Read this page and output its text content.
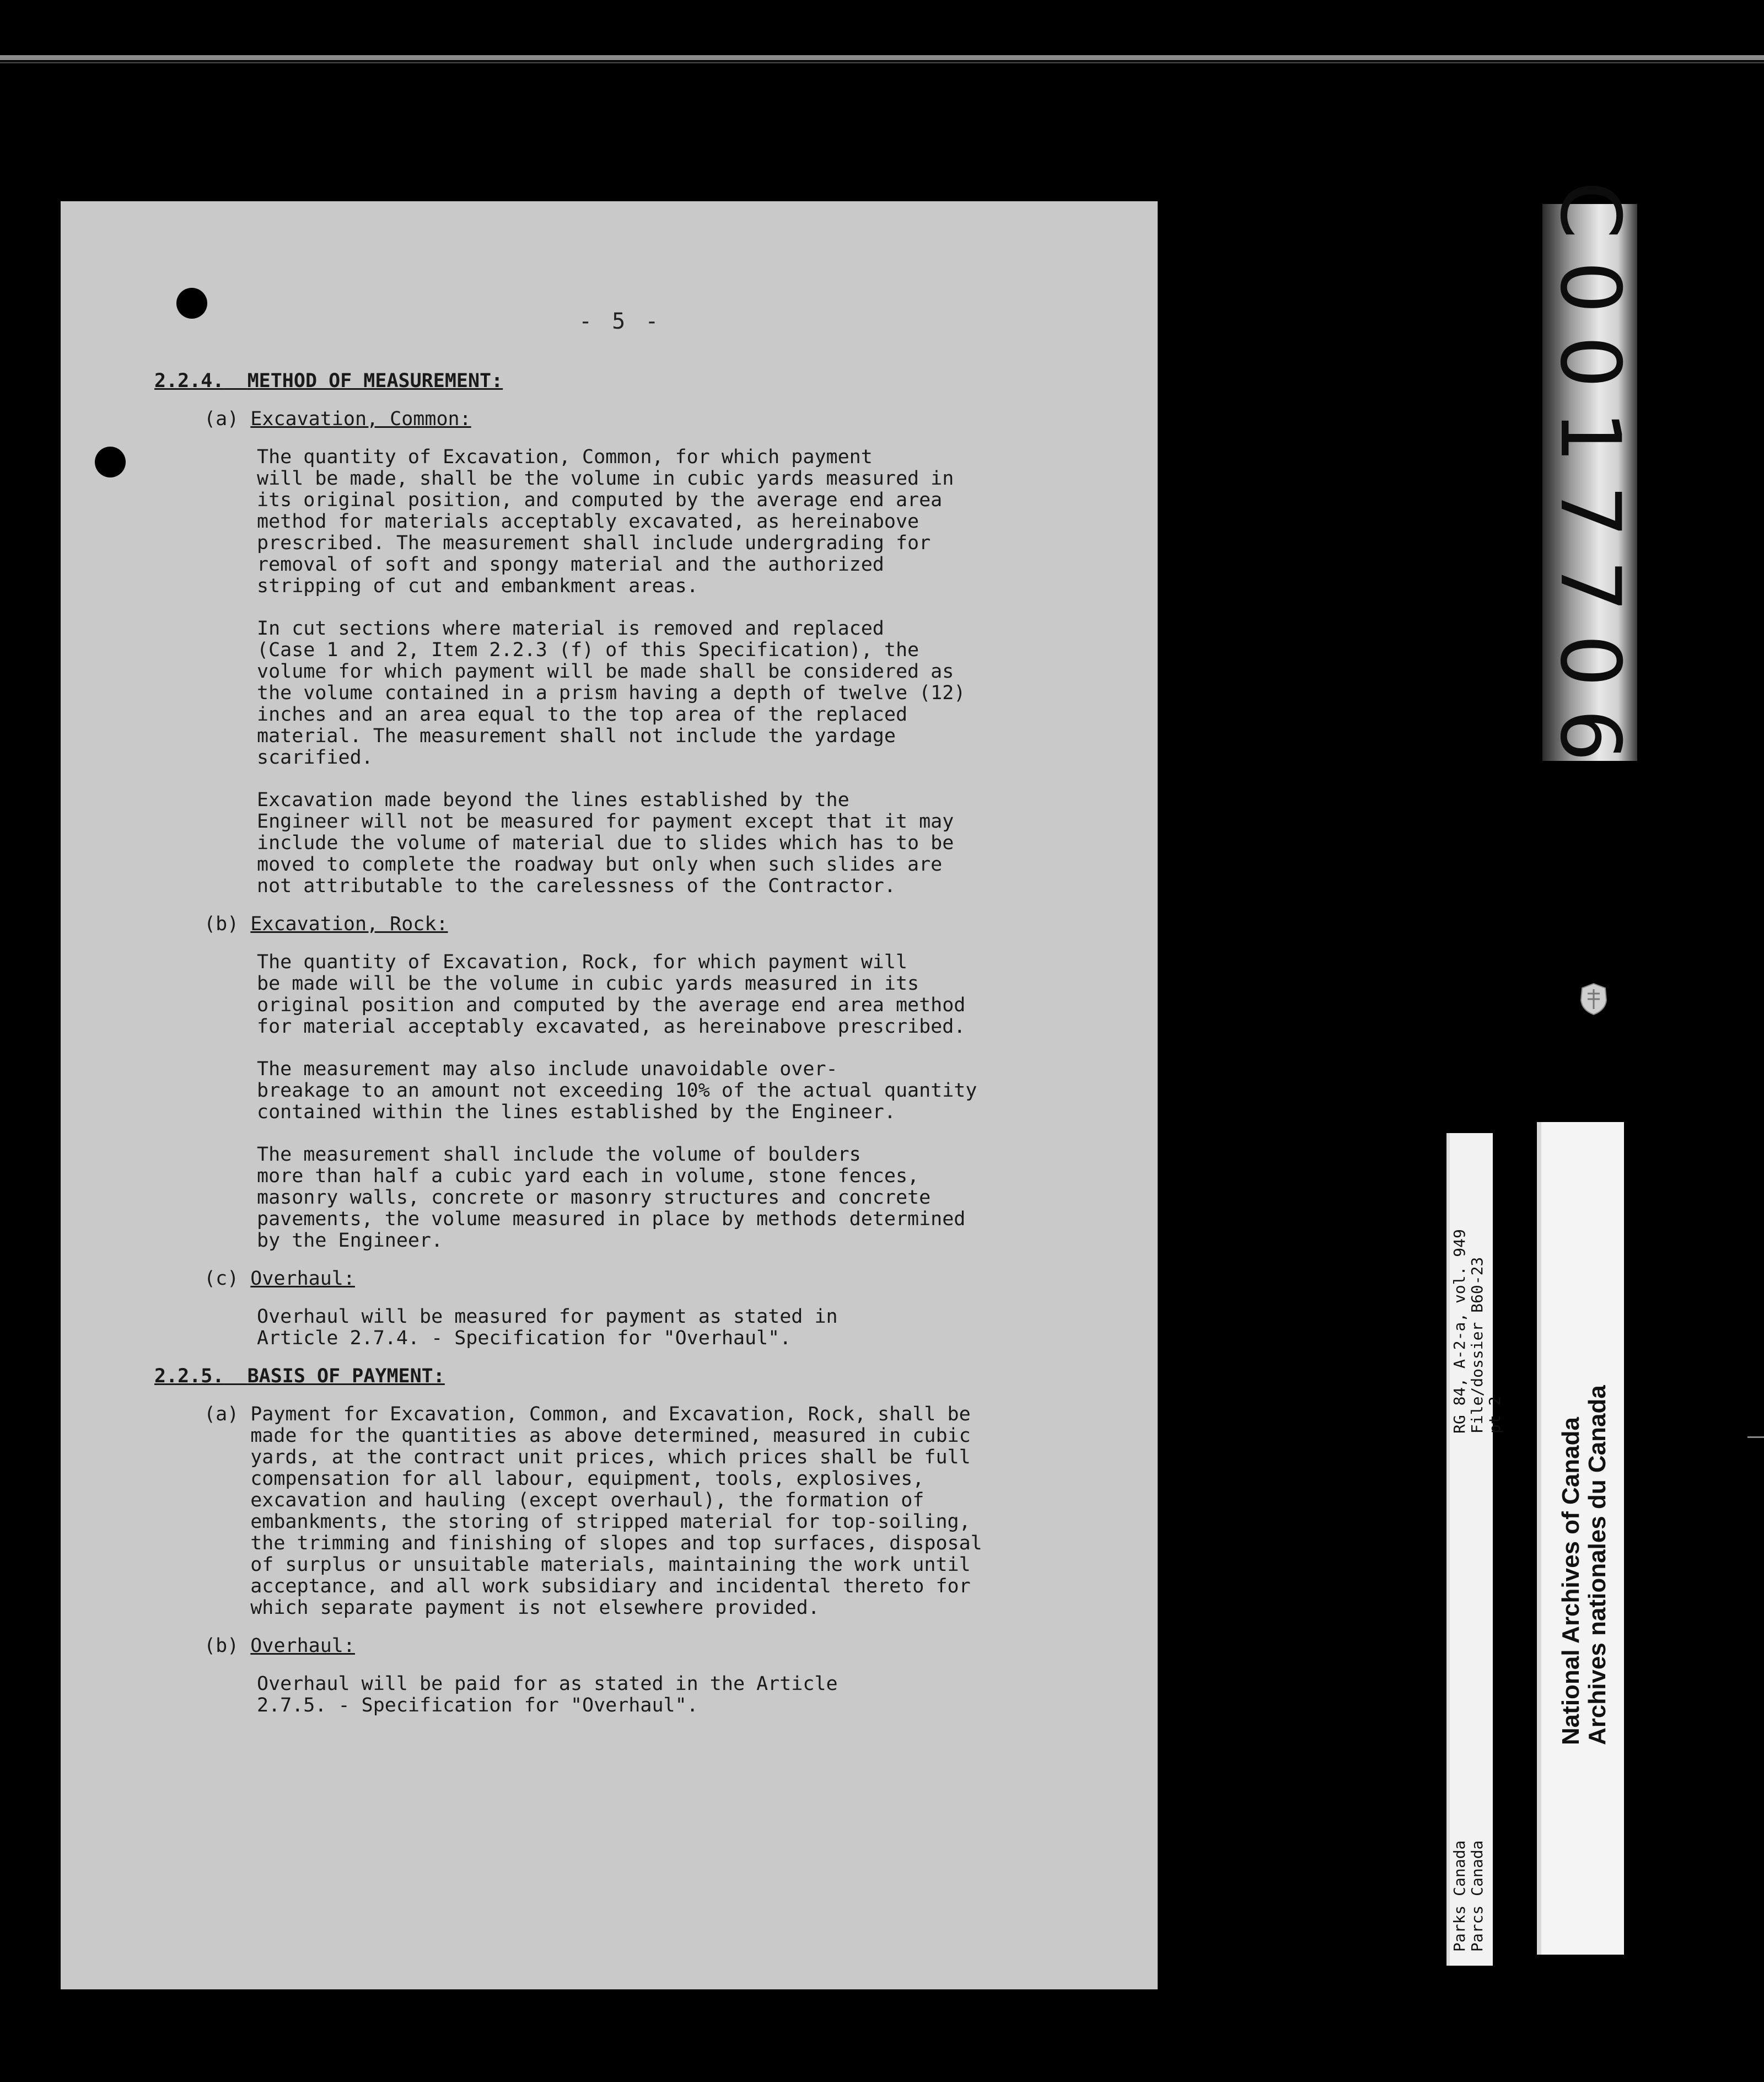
- 5 -
2.2.4. METHOD OF MEASUREMENT:
(a) Excavation, Common:
The quantity of Excavation, Common, for which payment
will be made, shall be the volume in cubic yards measured in
its original position, and computed by the average end area
method for materials acceptably excavated, as hereinabove
prescribed. The measurement shall include undergrading for
removal of soft and spongy material and the authorized
stripping of cut and embankment areas.
In cut sections where material is removed and replaced
(Case 1 and 2, Item 2.2.3 (f) of this Specification), the
volume for which payment will be made shall be considered as
the volume contained in a prism having a depth of twelve (12)
inches and an area equal to the top area of the replaced
material. The measurement shall not include the yardage
scarified.
Excavation made beyond the lines established by the
Engineer will not be measured for payment except that it may
include the volume of material due to slides which has to be
moved to complete the roadway but only when such slides are
not attributable to the carelessness of the Contractor.
(b) Excavation, Rock:
The quantity of Excavation, Rock, for which payment will
be made will be the volume in cubic yards measured in its
original position and computed by the average end area method
for material acceptably excavated, as hereinabove prescribed.
The measurement may also include unavoidable over-
breakage to an amount not exceeding 10% of the actual quantity
contained within the lines established by the Engineer.
The measurement shall include the volume of boulders
more than half a cubic yard each in volume, stone fences,
masonry walls, concrete or masonry structures and concrete
pavements, the volume measured in place by methods determined
by the Engineer.
(c) Overhaul:
Overhaul will be measured for payment as stated in
Article 2.7.4. - Specification for "Overhaul".
2.2.5. BASIS OF PAYMENT:
(a) Payment for Excavation, Common, and Excavation, Rock, shall be
made for the quantities as above determined, measured in cubic
yards, at the contract unit prices, which prices shall be full
compensation for all labour, equipment, tools, explosives,
excavation and hauling (except overhaul), the formation of
embankments, the storing of stripped material for top-soiling,
the trimming and finishing of slopes and top surfaces, disposal
of surplus or unsuitable materials, maintaining the work until
acceptance, and all work subsidiary and incidental thereto for
which separate payment is not elsewhere provided.
(b) Overhaul:
Overhaul will be paid for as stated in the Article
2.7.5. - Specification for "Overhaul".
C0017706
RG 84, A-2-a, vol. 949
File/dossier B60-23
pt 2
Parks Canada
Parcs Canada
National Archives of Canada
Archives nationales du Canada
